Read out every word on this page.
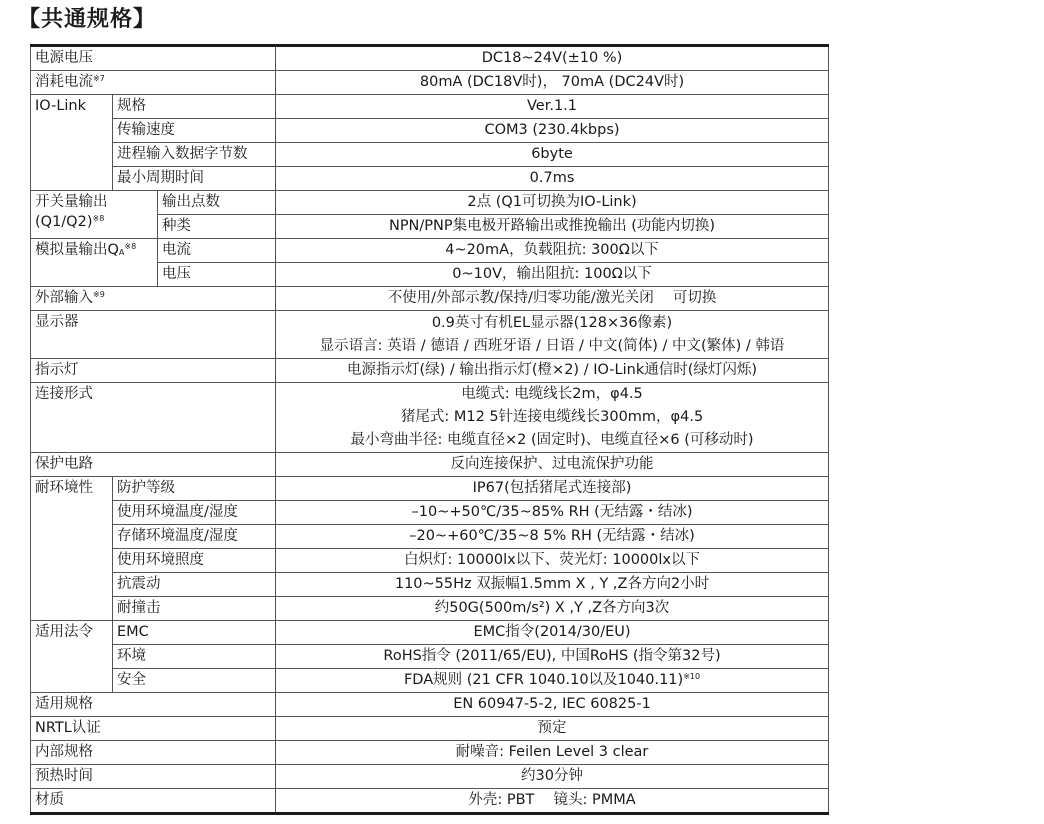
【共通规格】
电源电压			DC18~24V(±10 %)
消耗电流$^{※7}$			80mA (DC18V时)， 70mA (DC24V时)
IO-Link	规格		Ver.1.1
	传输速度		COM3 (230.4kbps)
	进程输入数据字节数		6byte
	最小周期时间		0.7ms
开关量输出
$(Q1/Q2)^{※8}$		输出点数	2点 (Q1可切换为IO-Link)
		种类	NPN/PNP集电极开路输出或推挽输出 (功能内切换)
模拟量输出QA$^{※8}$		电流	4~20mA，负载阻抗: 300Ω以下
		电压	0~10V，输出阻抗: 100Ω以下
外部输入$^{※9}$			不使用/外部示教/保持/归零功能/激光关闭　 可切换
显示器			0.9英寸有机EL显示器(128×36像素)
显示语言: 英语 / 德语 / 西班牙语 / 日语 / 中文(简体) / 中文(繁体) / 韩语

指示灯			电源指示灯(绿) / 输出指示灯(橙×2) / IO-Link通信时(绿灯闪烁)
连接形式			电缆式: 电缆线长2m，φ4.5
猪尾式: M12 5针连接电缆线长300mm，φ4.5
最小弯曲半径: 电缆直径×2 (固定时)、电缆直径×6 (可移动时)

保护电路			反向连接保护、过电流保护功能
耐环境性	防护等级		IP67(包括猪尾式连接部)
	使用环境温度/湿度		–10~+50℃/35~85% RH (无结露・结冰)
	存储环境温度/湿度		–20~+60℃/35~8 5% RH (无结露・结冰)
	使用环境照度		白炽灯: 10000lx以下、荧光灯: 10000lx以下
	抗震动		110~55Hz 双振幅1.5mm X , Y ,Z各方向2小时
	耐撞击		约50G(500m/s²) X ,Y ,Z各方向3次
适用法令	EMC		EMC指令(2014/30/EU)
	环境		RoHS指令 (2011/65/EU), 中国RoHS (指令第32号)
	安全		FDA规则 (21 CFR 1040.10以及1040.11)$^{※10}$
适用规格			EN 60947-5-2, IEC 60825-1
NRTL认证			预定
内部规格			耐噪音: Feilen Level 3 clear
预热时间			约30分钟
材质			外壳: PBT　 镜头: PMMA
